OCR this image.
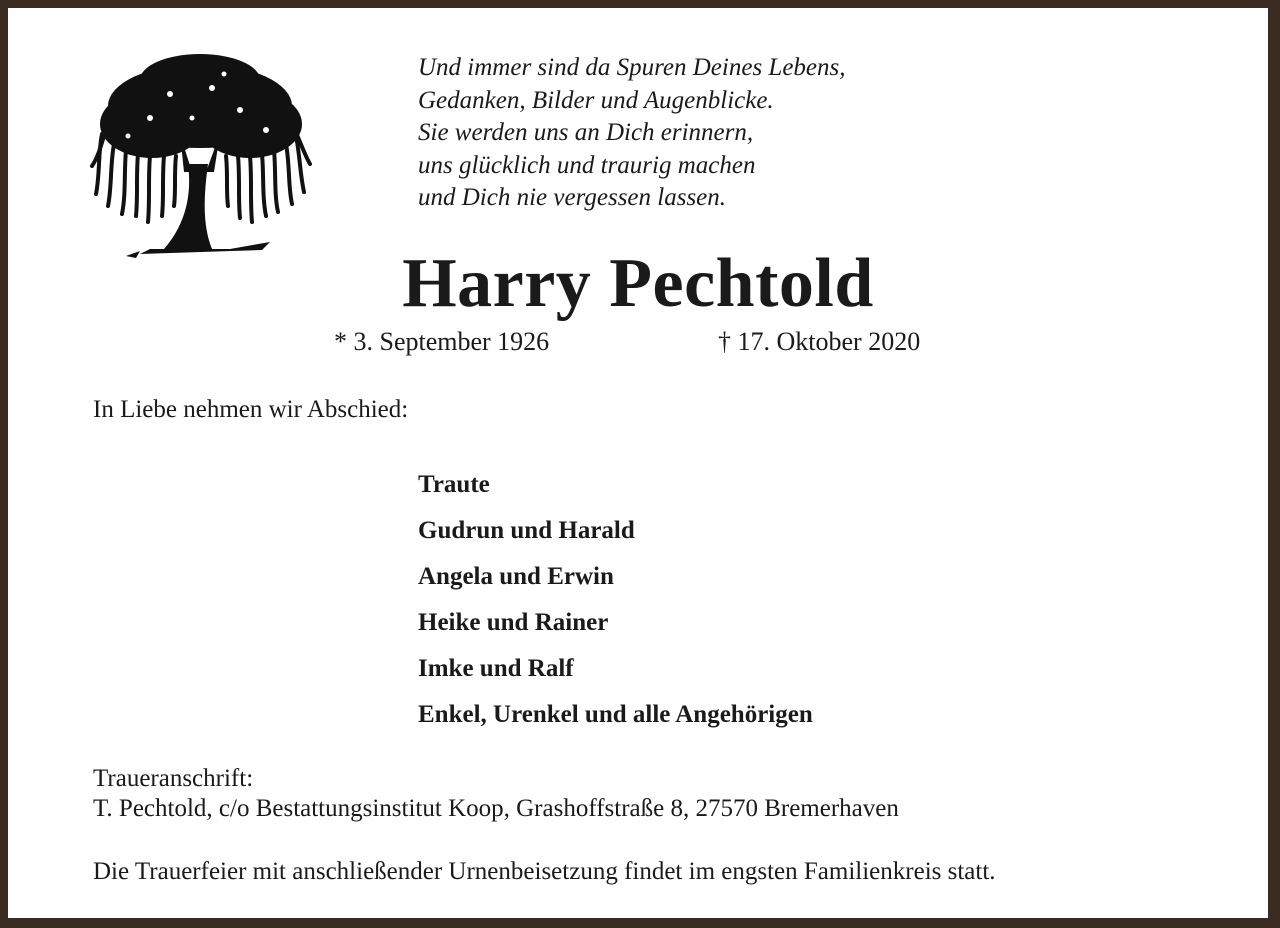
Und immer sind da Spuren Deines Lebens,
Gedanken, Bilder und Augenblicke.
Sie werden uns an Dich erinnern,
uns glücklich und traurig machen
und Dich nie vergessen lassen.
Harry Pechtold
* 3. September 1926	† 17. Oktober 2020
In Liebe nehmen wir Abschied:
Traute
Gudrun und Harald
Angela und Erwin
Heike und Rainer
Imke und Ralf
Enkel, Urenkel und alle Angehörigen
Traueranschrift:
T. Pechtold, c/o Bestattungsinstitut Koop, Grashoffstraße 8, 27570 Bremerhaven
Die Trauerfeier mit anschließender Urnenbeisetzung findet im engsten Familienkreis statt.
